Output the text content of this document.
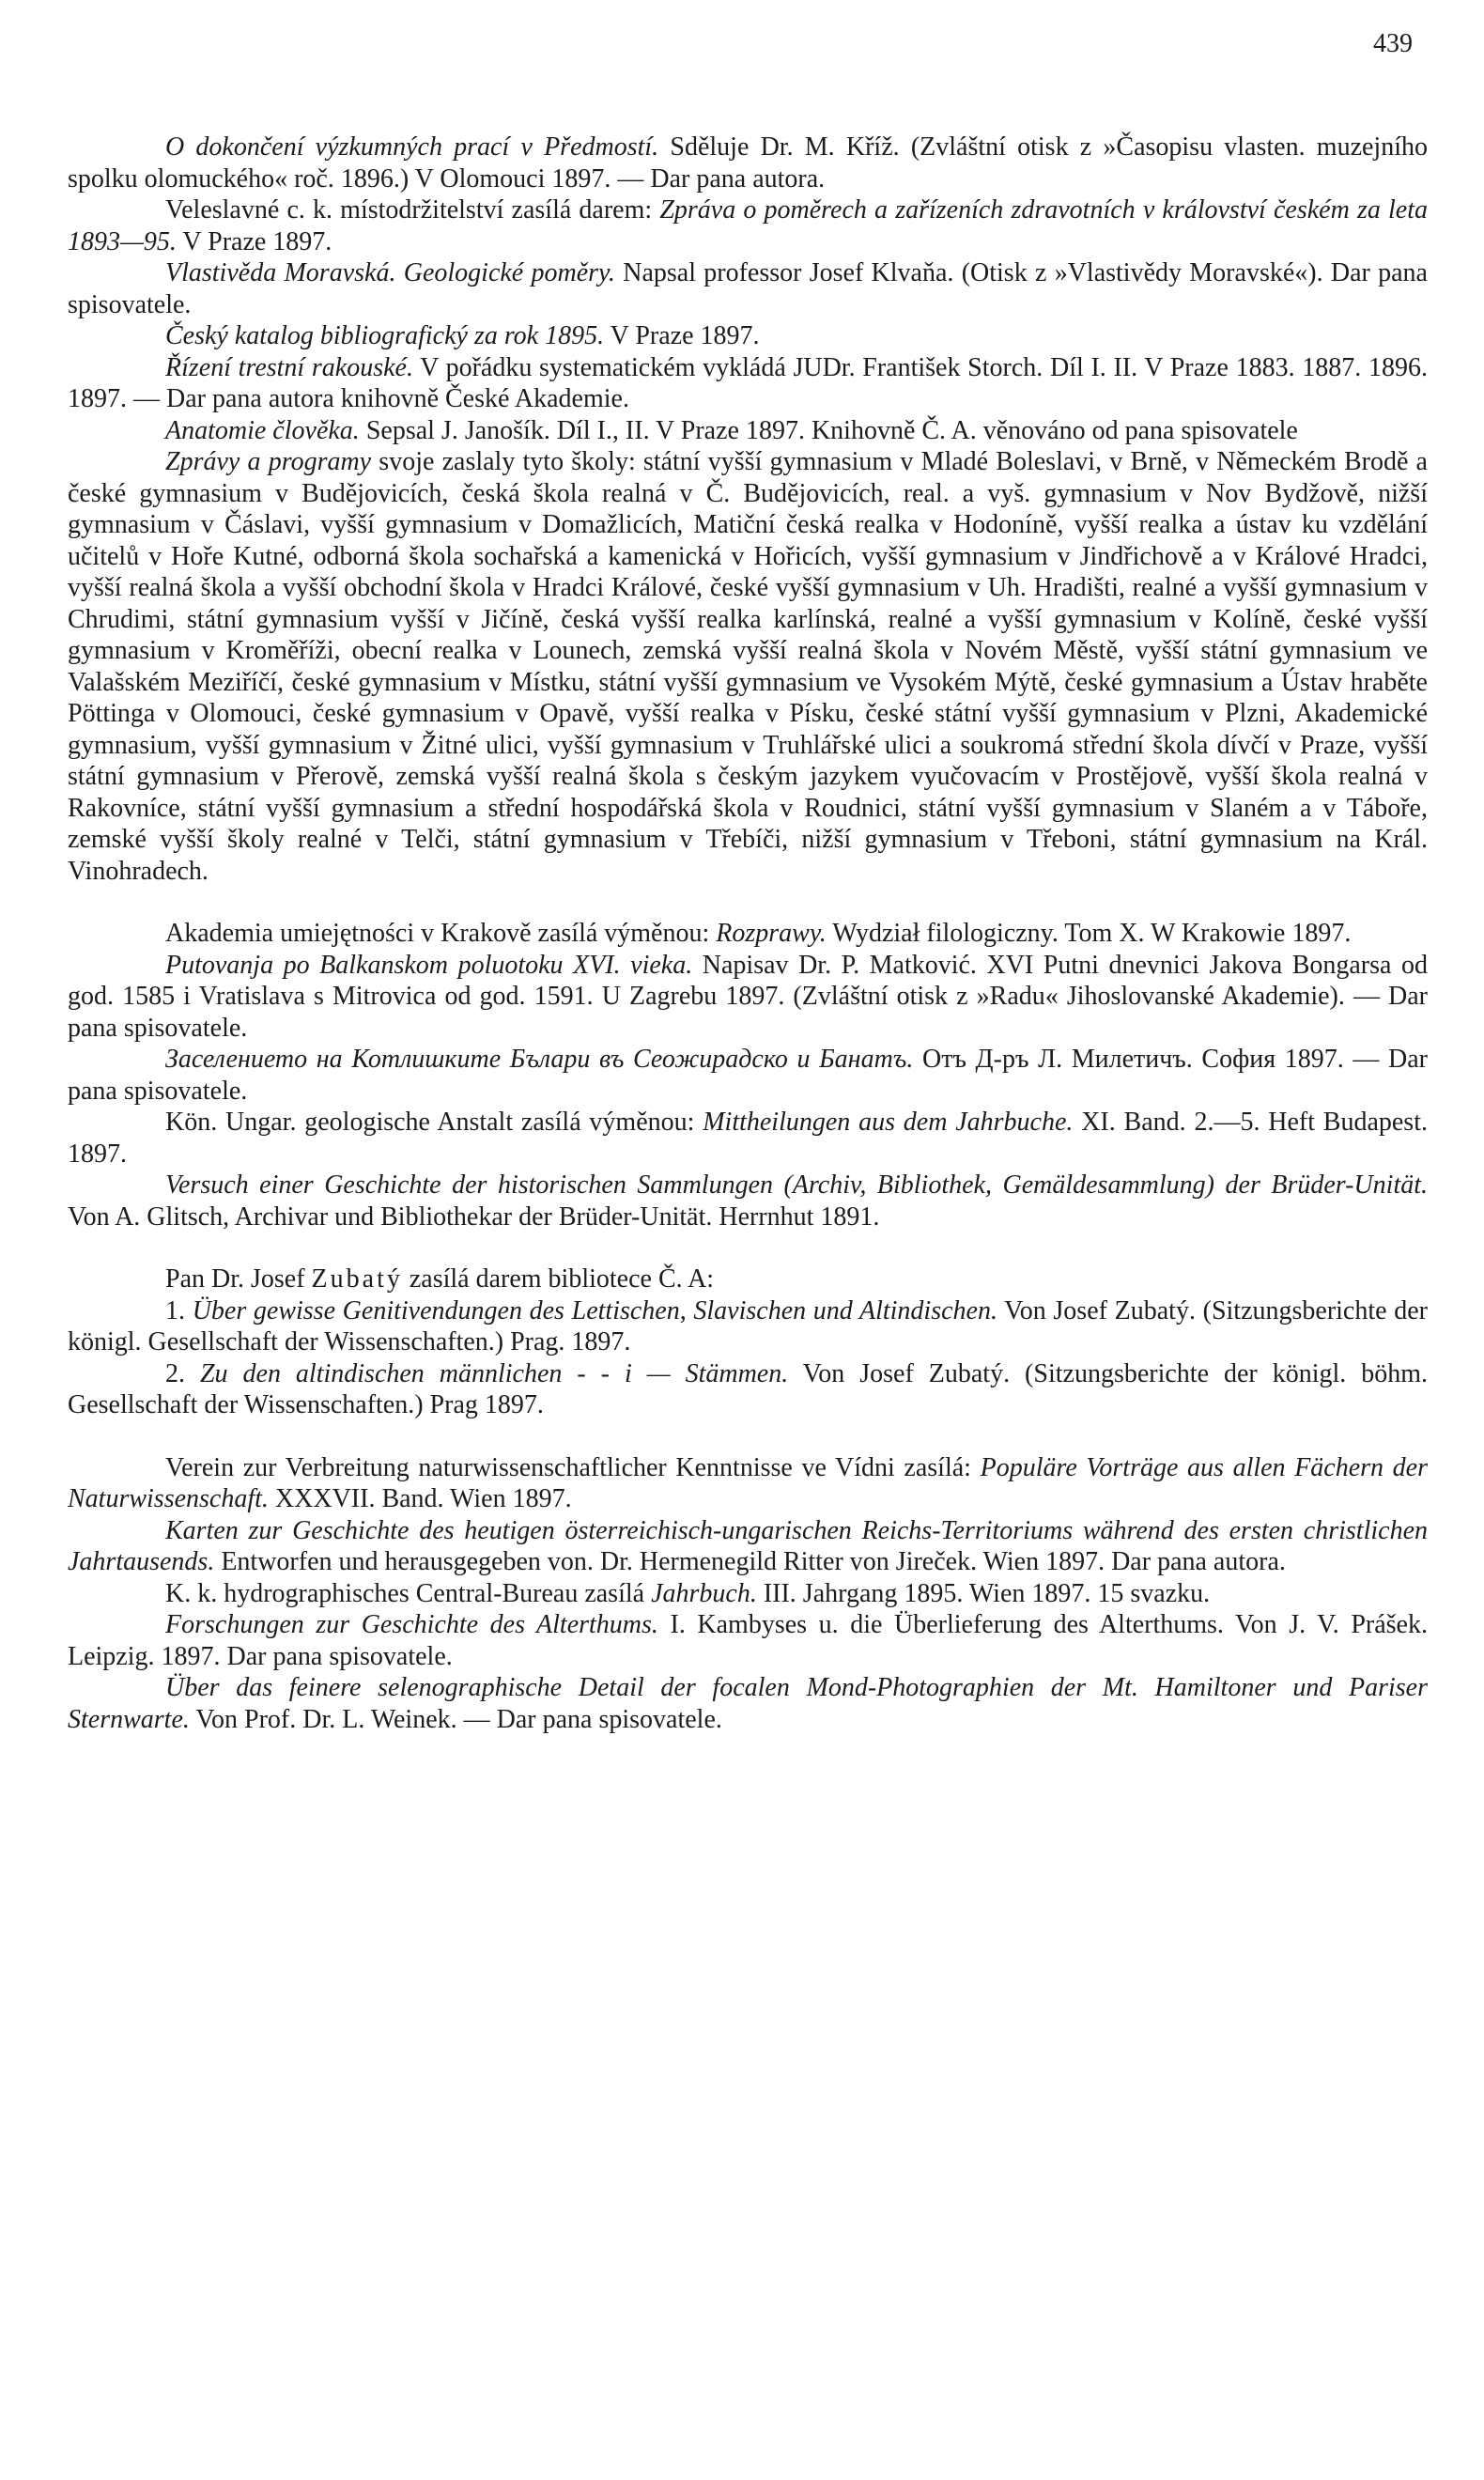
439

O dokončení výzkumných prací v Předmostí. Sděluje Dr. M. Kříž. (Zvláštní otisk z »Časopisu vlasten. muzejního spolku olomuckého« roč. 1896.) V Olomouci 1897. — Dar pana autora.

Veleslavné c. k. místodržitelství zasílá darem: Zpráva o poměrech a zařízeních zdravotních v království českém za leta 1893—95. V Praze 1897.

Vlastivěda Moravská. Geologické poměry. Napsal professor Josef Klvaňa. (Otisk z »Vlastivědy Moravské«). Dar pana spisovatele.

Český katalog bibliografický za rok 1895. V Praze 1897.

Řízení trestní rakouské. V pořádku systematickém vykládá JUDr. František Storch. Díl I. II. V Praze 1883. 1887. 1896. 1897. — Dar pana autora knihovně České Akademie.

Anatomie člověka. Sepsal J. Janošík. Díl I., II. V Praze 1897. Knihovně Č. A. věnováno od pana spisovatele

Zprávy a programy svoje zaslaly tyto školy: státní vyšší gymnasium v Mladé Boleslavi, v Brně, v Německém Brodě a české gymnasium v Budějovicích, česká škola realná v Č. Budějovicích, real. a vyš. gymnasium v Nov Bydžově, nižší gymnasium v Čáslavi, vyšší gymnasium v Domažlicích, Matiční česká realka v Hodoníně, vyšší realka a ústav ku vzdělání učitelů v Hoře Kutné, odborná škola sochařská a kamenická v Hořicích, vyšší gymnasium v Jindřichově a v Králové Hradci, vyšší realná škola a vyšší obchodní škola v Hradci Králové, české vyšší gymnasium v Uh. Hradišti, realné a vyšší gymnasium v Chrudimi, státní gymnasium vyšší v Jičíně, česká vyšší realka karlínská, realné a vyšší gymnasium v Kolíně, české vyšší gymnasium v Kroměříži, obecní realka v Lounech, zemská vyšší realná škola v Novém Městě, vyšší státní gymnasium ve Valašském Meziříčí, české gymnasium v Místku, státní vyšší gymnasium ve Vysokém Mýtě, české gymnasium a Ústav hraběte Pöttinga v Olomouci, české gymnasium v Opavě, vyšší realka v Písku, české státní vyšší gymnasium v Plzni, Akademické gymnasium, vyšší gymnasium v Žitné ulici, vyšší gymnasium v Truhlářské ulici a soukromá střední škola dívčí v Praze, vyšší státní gymnasium v Přerově, zemská vyšší realná škola s českým jazykem vyučovacím v Prostějově, vyšší škola realná v Rakovníce, státní vyšší gymnasium a střední hospodářská škola v Roudnici, státní vyšší gymnasium v Slaném a v Táboře, zemské vyšší školy realné v Telči, státní gymnasium v Třebíči, nižší gymnasium v Třeboni, státní gymnasium na Král. Vinohradech.

Akademia umiejętności v Krakově zasílá výměnou: Rozprawy. Wydział filologiczny. Tom X. W Krakowie 1897.

Putovanja po Balkanskom poluotoku XVI. vieka. Napisav Dr. P. Matković. XVI Putni dnevnici Jakova Bongarsa od god. 1585 i Vratislava s Mitrovica od god. 1591. U Zagrebu 1897. (Zvláštní otisk z »Radu« Jihoslovanské Akademie). — Dar pana spisovatele.

Заселението на Котлишките Бълари въ Сеожирадско и Банатъ. Отъ Д-ръ Л. Милетичъ. София 1897. — Dar pana spisovatele.

Kön. Ungar. geologische Anstalt zasílá výměnou: Mittheilungen aus dem Jahrbuche. XI. Band. 2.—5. Heft Budapest. 1897.

Versuch einer Geschichte der historischen Sammlungen (Archiv, Bibliothek, Gemäldesammlung) der Brüder-Unität. Von A. Glitsch, Archivar und Bibliothekar der Brüder-Unität. Herrnhut 1891.

Pan Dr. Josef Zubatý zasílá darem bibliotece Č. A:

1. Über gewisse Genitivendungen des Lettischen, Slavischen und Altindischen. Von Josef Zubatý. (Sitzungsberichte der königl. Gesellschaft der Wissenschaften.) Prag. 1897.

2. Zu den altindischen männlichen - - i — Stämmen. Von Josef Zubatý. (Sitzungsberichte der königl. böhm. Gesellschaft der Wissenschaften.) Prag 1897.

Verein zur Verbreitung naturwissenschaftlicher Kenntnisse ve Vídni zasílá: Populäre Vorträge aus allen Fächern der Naturwissenschaft. XXXVII. Band. Wien 1897.

Karten zur Geschichte des heutigen österreichisch-ungarischen Reichs-Territoriums während des ersten christlichen Jahrtausends. Entworfen und herausgegeben von. Dr. Hermenegild Ritter von Jireček. Wien 1897. Dar pana autora.

K. k. hydrographisches Central-Bureau zasílá Jahrbuch. III. Jahrgang 1895. Wien 1897. 15 svazku.

Forschungen zur Geschichte des Alterthums. I. Kambyses u. die Überlieferung des Alterthums. Von J. V. Prášek. Leipzig. 1897. Dar pana spisovatele.

Über das feinere selenographische Detail der focalen Mond-Photographien der Mt. Hamiltoner und Pariser Sternwarte. Von Prof. Dr. L. Weinek. — Dar pana spisovatele.
